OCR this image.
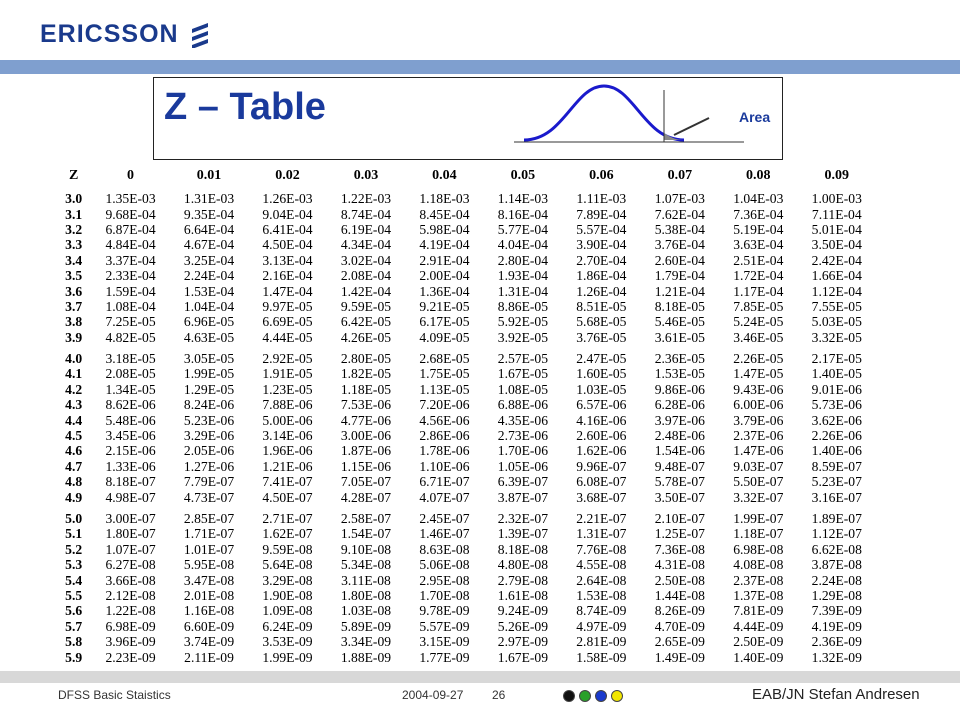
ERICSSON
Z – Table	Area
Z	0	0.01	0.02	0.03	0.04	0.05	0.06	0.07	0.08	0.09
3.0	1.35E-03	1.31E-03	1.26E-03	1.22E-03	1.18E-03	1.14E-03	1.11E-03	1.07E-03	1.04E-03	1.00E-03
3.1	9.68E-04	9.35E-04	9.04E-04	8.74E-04	8.45E-04	8.16E-04	7.89E-04	7.62E-04	7.36E-04	7.11E-04
3.2	6.87E-04	6.64E-04	6.41E-04	6.19E-04	5.98E-04	5.77E-04	5.57E-04	5.38E-04	5.19E-04	5.01E-04
3.3	4.84E-04	4.67E-04	4.50E-04	4.34E-04	4.19E-04	4.04E-04	3.90E-04	3.76E-04	3.63E-04	3.50E-04
3.4	3.37E-04	3.25E-04	3.13E-04	3.02E-04	2.91E-04	2.80E-04	2.70E-04	2.60E-04	2.51E-04	2.42E-04
3.5	2.33E-04	2.24E-04	2.16E-04	2.08E-04	2.00E-04	1.93E-04	1.86E-04	1.79E-04	1.72E-04	1.66E-04
3.6	1.59E-04	1.53E-04	1.47E-04	1.42E-04	1.36E-04	1.31E-04	1.26E-04	1.21E-04	1.17E-04	1.12E-04
3.7	1.08E-04	1.04E-04	9.97E-05	9.59E-05	9.21E-05	8.86E-05	8.51E-05	8.18E-05	7.85E-05	7.55E-05
3.8	7.25E-05	6.96E-05	6.69E-05	6.42E-05	6.17E-05	5.92E-05	5.68E-05	5.46E-05	5.24E-05	5.03E-05
3.9	4.82E-05	4.63E-05	4.44E-05	4.26E-05	4.09E-05	3.92E-05	3.76E-05	3.61E-05	3.46E-05	3.32E-05
4.0	3.18E-05	3.05E-05	2.92E-05	2.80E-05	2.68E-05	2.57E-05	2.47E-05	2.36E-05	2.26E-05	2.17E-05
4.1	2.08E-05	1.99E-05	1.91E-05	1.82E-05	1.75E-05	1.67E-05	1.60E-05	1.53E-05	1.47E-05	1.40E-05
4.2	1.34E-05	1.29E-05	1.23E-05	1.18E-05	1.13E-05	1.08E-05	1.03E-05	9.86E-06	9.43E-06	9.01E-06
4.3	8.62E-06	8.24E-06	7.88E-06	7.53E-06	7.20E-06	6.88E-06	6.57E-06	6.28E-06	6.00E-06	5.73E-06
4.4	5.48E-06	5.23E-06	5.00E-06	4.77E-06	4.56E-06	4.35E-06	4.16E-06	3.97E-06	3.79E-06	3.62E-06
4.5	3.45E-06	3.29E-06	3.14E-06	3.00E-06	2.86E-06	2.73E-06	2.60E-06	2.48E-06	2.37E-06	2.26E-06
4.6	2.15E-06	2.05E-06	1.96E-06	1.87E-06	1.78E-06	1.70E-06	1.62E-06	1.54E-06	1.47E-06	1.40E-06
4.7	1.33E-06	1.27E-06	1.21E-06	1.15E-06	1.10E-06	1.05E-06	9.96E-07	9.48E-07	9.03E-07	8.59E-07
4.8	8.18E-07	7.79E-07	7.41E-07	7.05E-07	6.71E-07	6.39E-07	6.08E-07	5.78E-07	5.50E-07	5.23E-07
4.9	4.98E-07	4.73E-07	4.50E-07	4.28E-07	4.07E-07	3.87E-07	3.68E-07	3.50E-07	3.32E-07	3.16E-07
5.0	3.00E-07	2.85E-07	2.71E-07	2.58E-07	2.45E-07	2.32E-07	2.21E-07	2.10E-07	1.99E-07	1.89E-07
5.1	1.80E-07	1.71E-07	1.62E-07	1.54E-07	1.46E-07	1.39E-07	1.31E-07	1.25E-07	1.18E-07	1.12E-07
5.2	1.07E-07	1.01E-07	9.59E-08	9.10E-08	8.63E-08	8.18E-08	7.76E-08	7.36E-08	6.98E-08	6.62E-08
5.3	6.27E-08	5.95E-08	5.64E-08	5.34E-08	5.06E-08	4.80E-08	4.55E-08	4.31E-08	4.08E-08	3.87E-08
5.4	3.66E-08	3.47E-08	3.29E-08	3.11E-08	2.95E-08	2.79E-08	2.64E-08	2.50E-08	2.37E-08	2.24E-08
5.5	2.12E-08	2.01E-08	1.90E-08	1.80E-08	1.70E-08	1.61E-08	1.53E-08	1.44E-08	1.37E-08	1.29E-08
5.6	1.22E-08	1.16E-08	1.09E-08	1.03E-08	9.78E-09	9.24E-09	8.74E-09	8.26E-09	7.81E-09	7.39E-09
5.7	6.98E-09	6.60E-09	6.24E-09	5.89E-09	5.57E-09	5.26E-09	4.97E-09	4.70E-09	4.44E-09	4.19E-09
5.8	3.96E-09	3.74E-09	3.53E-09	3.34E-09	3.15E-09	2.97E-09	2.81E-09	2.65E-09	2.50E-09	2.36E-09
5.9	2.23E-09	2.11E-09	1.99E-09	1.88E-09	1.77E-09	1.67E-09	1.58E-09	1.49E-09	1.40E-09	1.32E-09
DFSS Basic Staistics	2004-09-27 26	EAB/JN Stefan Andresen
